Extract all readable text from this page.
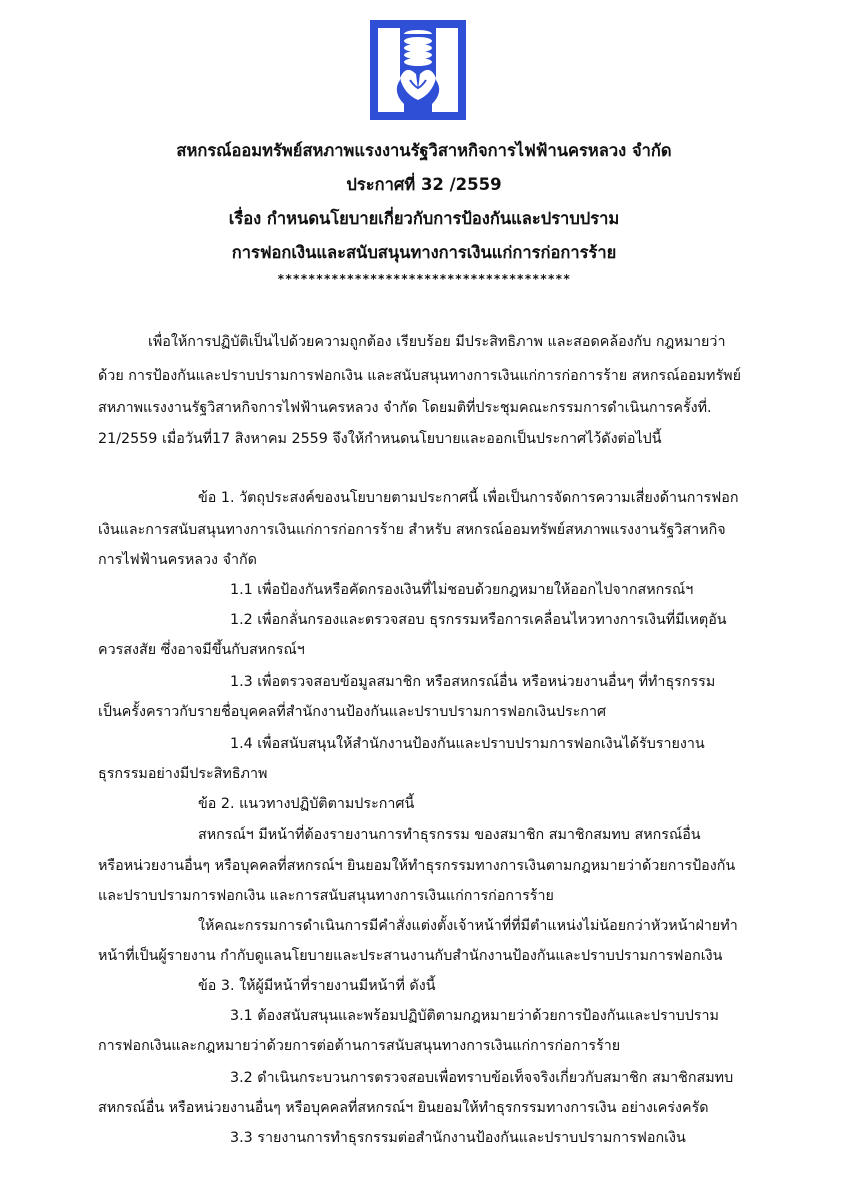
สหกรณ์ออมทรัพย์สหภาพแรงงานรัฐวิสาหกิจการไฟฟ้านครหลวง จำกัด
ประกาศที่ 32 /2559
เรื่อง กำหนดนโยบายเกี่ยวกับการป้องกันและปราบปราม
การฟอกเงินและสนับสนุนทางการเงินแก่การก่อการร้าย
**************************************
เพื่อให้การปฏิบัติเป็นไปด้วยความถูกต้อง เรียบร้อย มีประสิทธิภาพ และสอดคล้องกับ กฎหมายว่า
ด้วย การป้องกันและปราบปรามการฟอกเงิน และสนับสนุนทางการเงินแก่การก่อการร้าย สหกรณ์ออมทรัพย์
สหภาพแรงงานรัฐวิสาหกิจการไฟฟ้านครหลวง จำกัด โดยมติที่ประชุมคณะกรรมการดำเนินการครั้งที่.
21/2559 เมื่อวันที่17 สิงหาคม 2559 จึงให้กำหนดนโยบายและออกเป็นประกาศไว้ดังต่อไปนี้
ข้อ 1. วัตถุประสงค์ของนโยบายตามประกาศนี้ เพื่อเป็นการจัดการความเสี่ยงด้านการฟอก
เงินและการสนับสนุนทางการเงินแก่การก่อการร้าย สำหรับ สหกรณ์ออมทรัพย์สหภาพแรงงานรัฐวิสาหกิจ
การไฟฟ้านครหลวง จำกัด
1.1 เพื่อป้องกันหรือคัดกรองเงินที่ไม่ชอบด้วยกฎหมายให้ออกไปจากสหกรณ์ฯ
1.2 เพื่อกลั่นกรองและตรวจสอบ ธุรกรรมหรือการเคลื่อนไหวทางการเงินที่มีเหตุอัน
ควรสงสัย ซึ่งอาจมีขึ้นกับสหกรณ์ฯ
1.3 เพื่อตรวจสอบข้อมูลสมาชิก หรือสหกรณ์อื่น หรือหน่วยงานอื่นๆ ที่ทำธุรกรรม
เป็นครั้งคราวกับรายชื่อบุคคลที่สำนักงานป้องกันและปราบปรามการฟอกเงินประกาศ
1.4 เพื่อสนับสนุนให้สำนักงานป้องกันและปราบปรามการฟอกเงินได้รับรายงาน
ธุรกรรมอย่างมีประสิทธิภาพ
ข้อ 2. แนวทางปฏิบัติตามประกาศนี้
สหกรณ์ฯ มีหน้าที่ต้องรายงานการทำธุรกรรม ของสมาชิก สมาชิกสมทบ สหกรณ์อื่น
หรือหน่วยงานอื่นๆ หรือบุคคลที่สหกรณ์ฯ ยินยอมให้ทำธุรกรรมทางการเงินตามกฎหมายว่าด้วยการป้องกัน
และปราบปรามการฟอกเงิน และการสนับสนุนทางการเงินแก่การก่อการร้าย
ให้คณะกรรมการดำเนินการมีคำสั่งแต่งตั้งเจ้าหน้าที่ที่มีตำแหน่งไม่น้อยกว่าหัวหน้าฝ่ายทำ
หน้าที่เป็นผู้รายงาน กำกับดูแลนโยบายและประสานงานกับสำนักงานป้องกันและปราบปรามการฟอกเงิน
ข้อ 3. ให้ผู้มีหน้าที่รายงานมีหน้าที่ ดังนี้
3.1 ต้องสนับสนุนและพร้อมปฏิบัติตามกฎหมายว่าด้วยการป้องกันและปราบปราม
การฟอกเงินและกฎหมายว่าด้วยการต่อต้านการสนับสนุนทางการเงินแก่การก่อการร้าย
3.2 ดำเนินกระบวนการตรวจสอบเพื่อทราบข้อเท็จจริงเกี่ยวกับสมาชิก สมาชิกสมทบ
สหกรณ์อื่น หรือหน่วยงานอื่นๆ หรือบุคคลที่สหกรณ์ฯ ยินยอมให้ทำธุรกรรมทางการเงิน อย่างเคร่งครัด
3.3 รายงานการทำธุรกรรมต่อสำนักงานป้องกันและปราบปรามการฟอกเงิน
